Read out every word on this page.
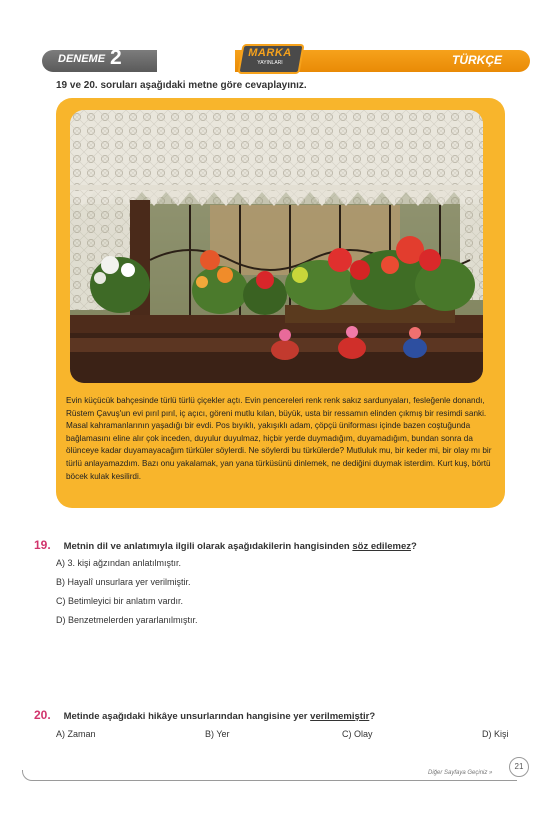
DENEME 2	MARKA
YAYINLARI	TÜRKÇE
19 ve 20. soruları aşağıdaki metne göre cevaplayınız.

Evin küçücük bahçesinde türlü türlü çiçekler açtı. Evin pencereleri renk renk sakız sardunyaları, fesleğenle donandı, Rüstem Çavuş'un evi pırıl pırıl, iç açıcı, göreni mutlu kılan, büyük, usta bir ressamın elinden çıkmış bir resimdi sanki. Masal kahramanlarının yaşadığı bir evdi. Pos bıyıklı, yakışıklı adam, çöpçü üniforması içinde bazen coştuğunda bağlamasını eline alır çok inceden, duyulur duyulmaz, hiçbir yerde duymadığım, duyamadığım, bundan sonra da ölünceye kadar duyamayacağım türküler söylerdi. Ne söylerdi bu türkülerde? Mutluluk mu, bir keder mi, bir olay mı bir türlü anlayamazdım. Bazı onu yakalamak, yan yana türküsünü dinlemek, ne dediğini duymak isterdim. Kurt kuş, börtü böcek kulak kesilirdi.

19. Metnin dil ve anlatımıyla ilgili olarak aşağıdakilerin hangisinden söz edilemez?
A) 3. kişi ağzından anlatılmıştır.
B) Hayalî unsurlara yer verilmiştir.
C) Betimleyici bir anlatım vardır.
D) Benzetmelerden yararlanılmıştır.
20. Metinde aşağıdaki hikâye unsurlarından hangisine yer verilmemiştir?
A) Zaman	B) Yer	C) Olay	D) Kişi
Diğer Sayfaya Geçiniz »
21
